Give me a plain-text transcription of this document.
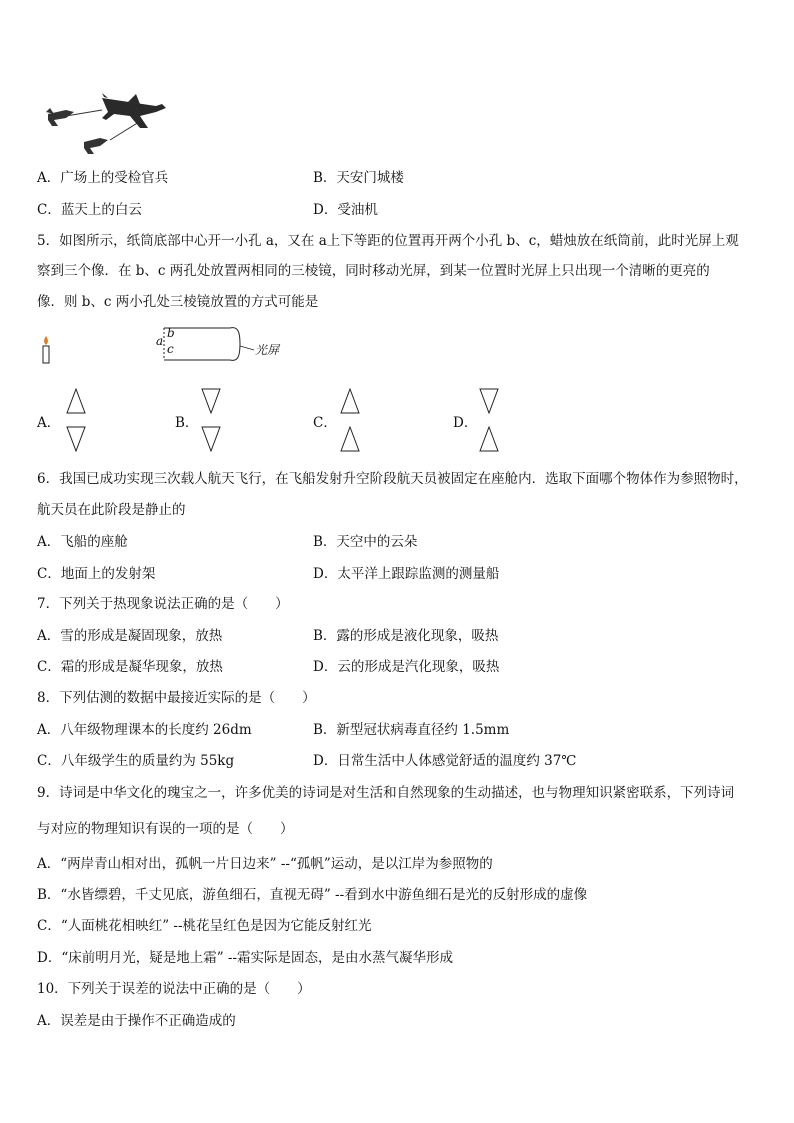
A．广场上的受检官兵	B．天安门城楼
C．蓝天上的白云	D．受油机
5．如图所示，纸筒底部中心开一小孔 a，又在 a上下等距的位置再开两个小孔 b、c，蜡烛放在纸筒前，此时光屏上观
察到三个像．在 b、c 两孔处放置两相同的三棱镜，同时移动光屏，到某一位置时光屏上只出现一个清晰的更亮的
像．则 b、c 两小孔处三棱镜放置的方式可能是
a
b
c	光屏
A．	B．	C．	D．
6．我国已成功实现三次载人航天飞行，在飞船发射升空阶段航天员被固定在座舱内．选取下面哪个物体作为参照物时，
航天员在此阶段是静止的
A．飞船的座舱	B．天空中的云朵
C．地面上的发射架	D．太平洋上跟踪监测的测量船
7．下列关于热现象说法正确的是（　　）
A．雪的形成是凝固现象，放热	B．露的形成是液化现象，吸热
C．霜的形成是凝华现象，放热	D．云的形成是汽化现象，吸热
8．下列估测的数据中最接近实际的是（　　）
A．八年级物理课本的长度约 26dm	B．新型冠状病毒直径约 1.5mm
C．八年级学生的质量约为 55kg	D．日常生活中人体感觉舒适的温度约 37℃
9．诗词是中华文化的瑰宝之一，许多优美的诗词是对生活和自然现象的生动描述，也与物理知识紧密联系，下列诗词
与对应的物理知识有误的一项的是（　　）
A．“两岸青山相对出，孤帆一片日边来” --“孤帆”运动，是以江岸为参照物的
B．“水皆缥碧，千丈见底，游鱼细石，直视无碍” --看到水中游鱼细石是光的反射形成的虚像
C．“人面桃花相映红” --桃花呈红色是因为它能反射红光
D．“床前明月光，疑是地上霜” --霜实际是固态，是由水蒸气凝华形成
10．下列关于误差的说法中正确的是（　　）
A．误差是由于操作不正确造成的
